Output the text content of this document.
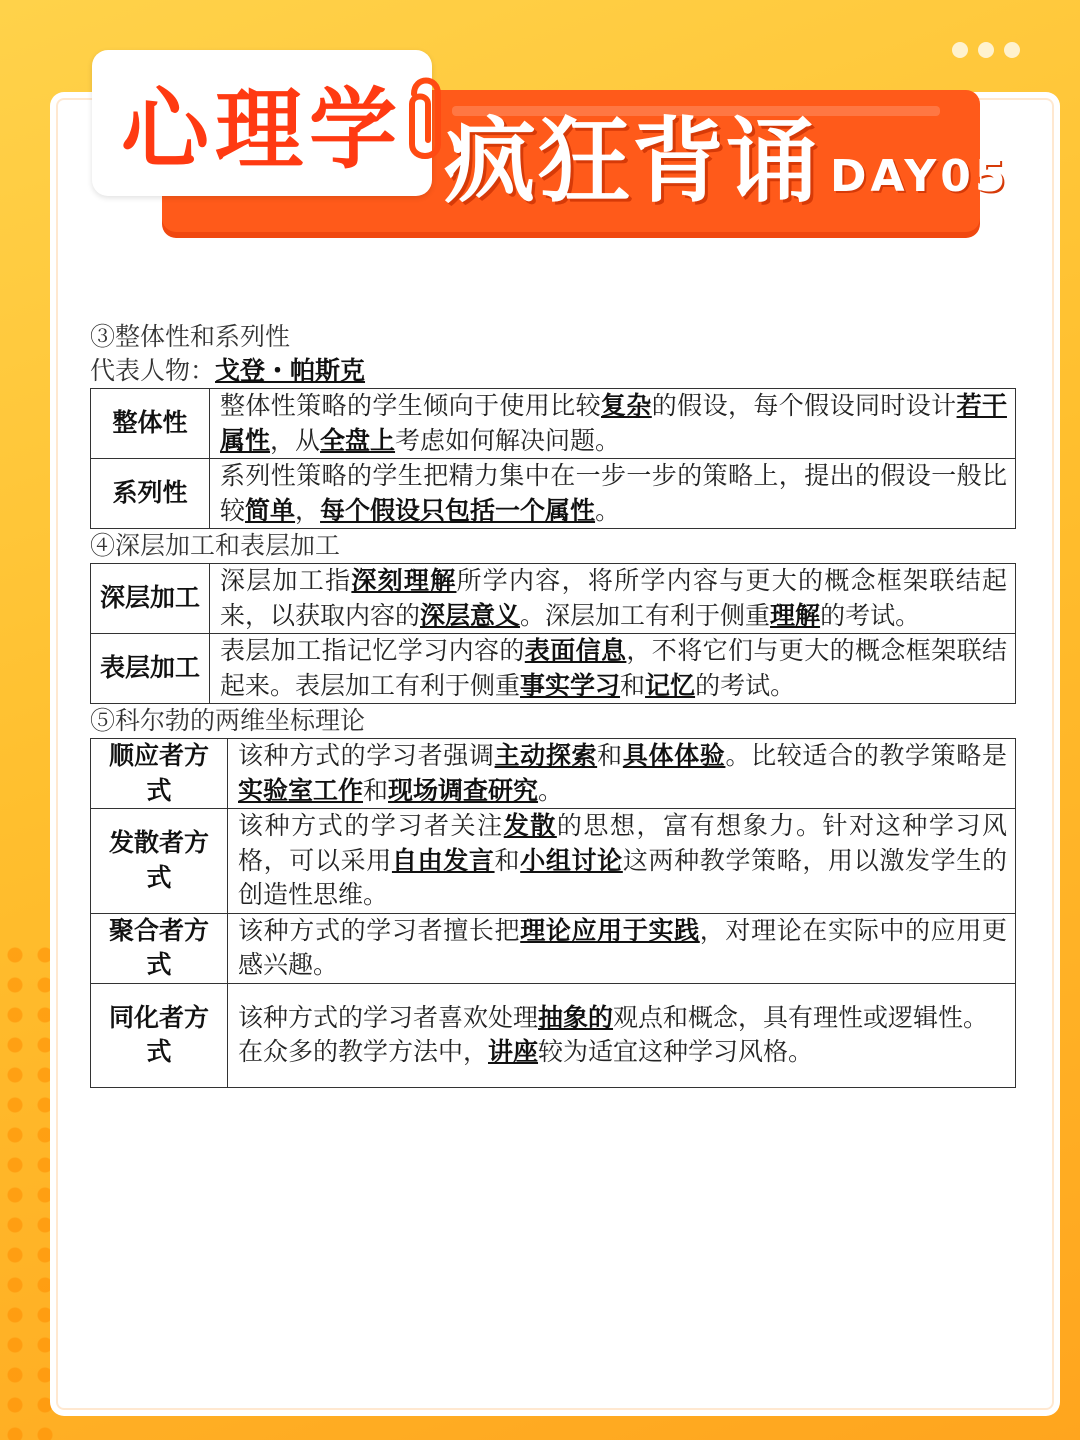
心理学 疯狂背诵 DAY05
③整体性和系列性
代表人物：戈登・帕斯克
整体性	整体性策略的学生倾向于使用比较复杂的假设，每个假设同时设计若干属性，从全盘上考虑如何解决问题。
系列性	系列性策略的学生把精力集中在一步一步的策略上，提出的假设一般比较简单，每个假设只包括一个属性。
④深层加工和表层加工
深层加工	深层加工指深刻理解所学内容，将所学内容与更大的概念框架联结起来，以获取内容的深层意义。深层加工有利于侧重理解的考试。
表层加工	表层加工指记忆学习内容的表面信息，不将它们与更大的概念框架联结起来。表层加工有利于侧重事实学习和记忆的考试。
⑤科尔勃的两维坐标理论
顺应者方式	该种方式的学习者强调主动探索和具体体验。比较适合的教学策略是实验室工作和现场调查研究。
发散者方式	该种方式的学习者关注发散的思想，富有想象力。针对这种学习风格，可以采用自由发言和小组讨论这两种教学策略，用以激发学生的创造性思维。
聚合者方式	该种方式的学习者擅长把理论应用于实践，对理论在实际中的应用更感兴趣。
同化者方式	该种方式的学习者喜欢处理抽象的观点和概念，具有理性或逻辑性。
在众多的教学方法中，讲座较为适宜这种学习风格。
